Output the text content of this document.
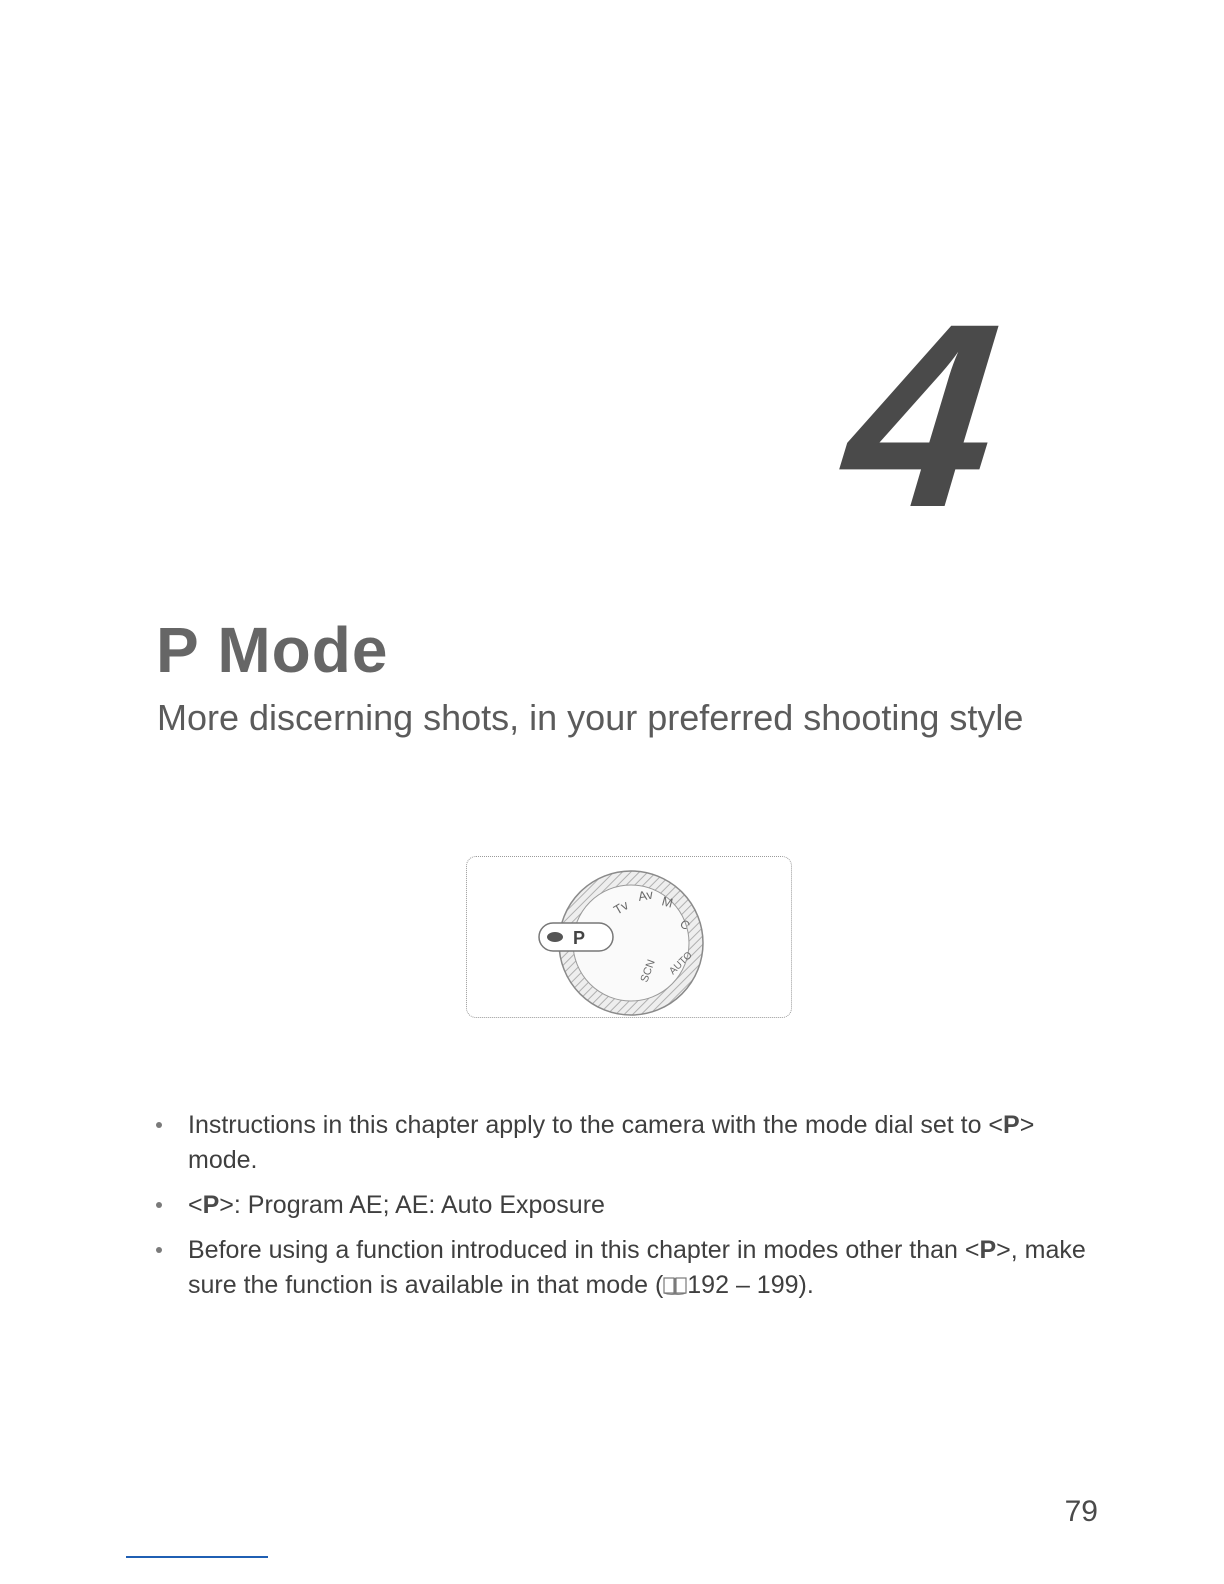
4
P Mode

More discerning shots, in your preferred shooting style

Tv
Av M
C
SCN AUTO
P
Instructions in this chapter apply to the camera with the mode dial set to <P> mode.
<P>: Program AE; AE: Auto Exposure
Before using a function introduced in this chapter in modes other than <P>, make sure the function is available in that mode ( 192 – 199).
79
